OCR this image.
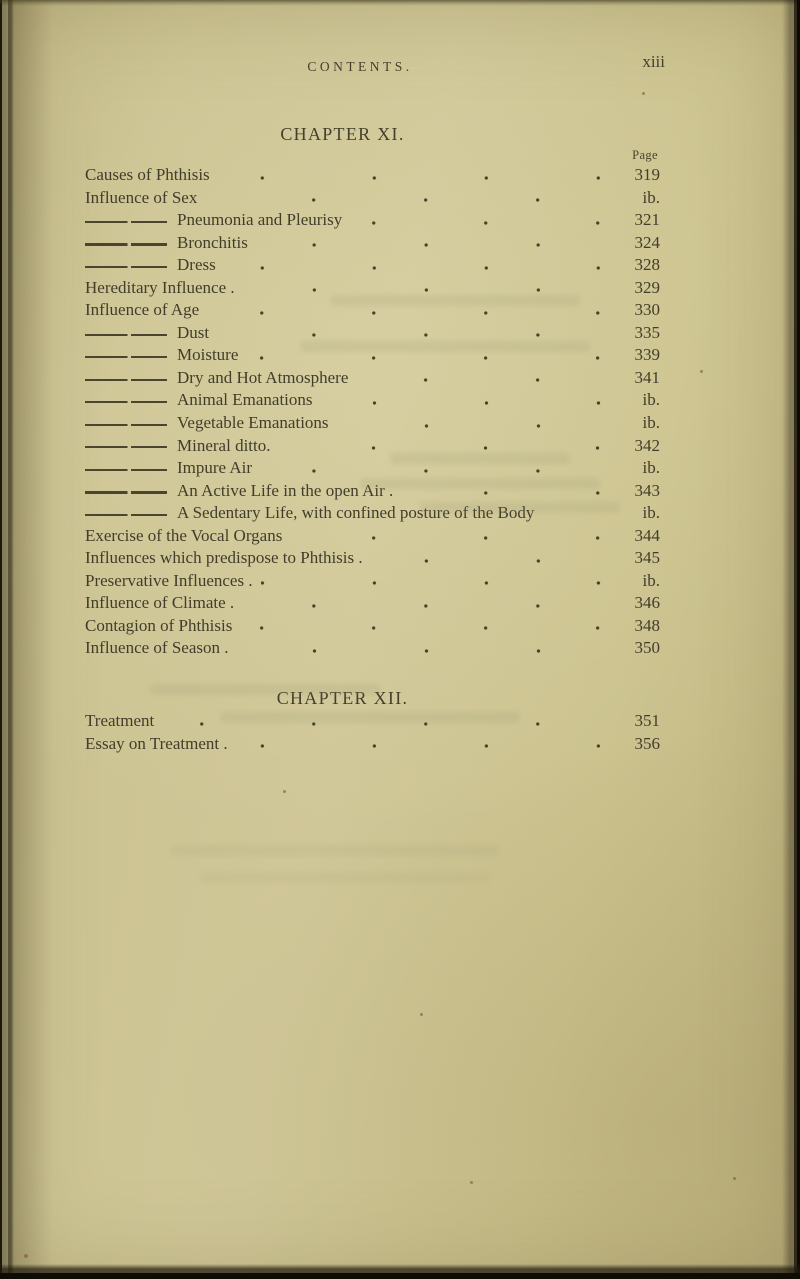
CONTENTS.	xiii
CHAPTER XI.
Page
Causes of Phthisis	319
Influence of Sex	ib.
Pneumonia and Pleurisy	321
Bronchitis	324
Dress	328
Hereditary Influence .	329
Influence of Age	330
Dust	335
Moisture	339
Dry and Hot Atmosphere	341
Animal Emanations	ib.
Vegetable Emanations	ib.
Mineral ditto.	342
Impure Air	ib.
An Active Life in the open Air .	343
A Sedentary Life, with confined posture of the Body	ib.
Exercise of the Vocal Organs	344
Influences which predispose to Phthisis .	345
Preservative Influences .	ib.
Influence of Climate .	346
Contagion of Phthisis	348
Influence of Season .	350
CHAPTER XII.
Treatment	351
Essay on Treatment .	356
